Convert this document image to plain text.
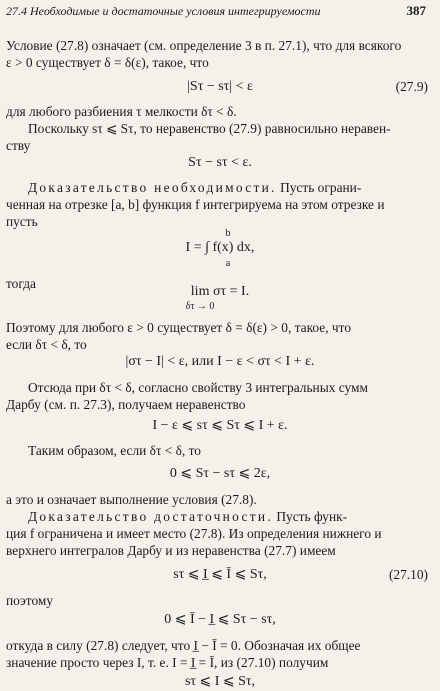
27.4 Необходимые и достаточные условия интегрируемости	387
Условие (27.8) означает (см. определение 3 в п. 27.1), что для всякого
ε > 0 существует δ = δ(ε), такое, что
|Sτ − sτ| < ε	(27.9)
для любого разбиения τ мелкости δτ < δ.
Поскольку sτ ⩽ Sτ, то неравенство (27.9) равносильно нерaвен-
ству
Sτ − sτ < ε.
Доказательство необходимости. Пусть ограни-
ченная на отрезке [a, b] функция f интегрируема на этом отрезке и
пусть
b
I = ∫ f(x) dx,
a
тогда
lim στ = I.
δτ → 0
Поэтому для любого ε > 0 существует δ = δ(ε) > 0, такое, что
если δτ < δ, то
|στ − I| < ε, или I − ε < στ < I + ε.
Отсюда при δτ < δ, согласно свойству 3 интегральных сумм
Дарбу (см. п. 27.3), получаем неравенство
I − ε ⩽ sτ ⩽ Sτ ⩽ I + ε.
Таким образом, если δτ < δ, то
0 ⩽ Sτ − sτ ⩽ 2ε,
а это и означает выполнение условия (27.8).
Доказательство достаточности. Пусть функ-
ция f ограничена и имеет место (27.8). Из определения нижнего и
верхнего интегралов Дарбу и из неравенства (27.7) имеем
sτ ⩽ I̲ ⩽ Ī ⩽ Sτ,	(27.10)
поэтому
0 ⩽ Ī − I̲ ⩽ Sτ − sτ,
откуда в силу (27.8) следует, что I̲ − Ī = 0. Обозначая их общее
значение просто через I, т. е. I = I̲ = Ī, из (27.10) получим
sτ ⩽ I ⩽ Sτ,
